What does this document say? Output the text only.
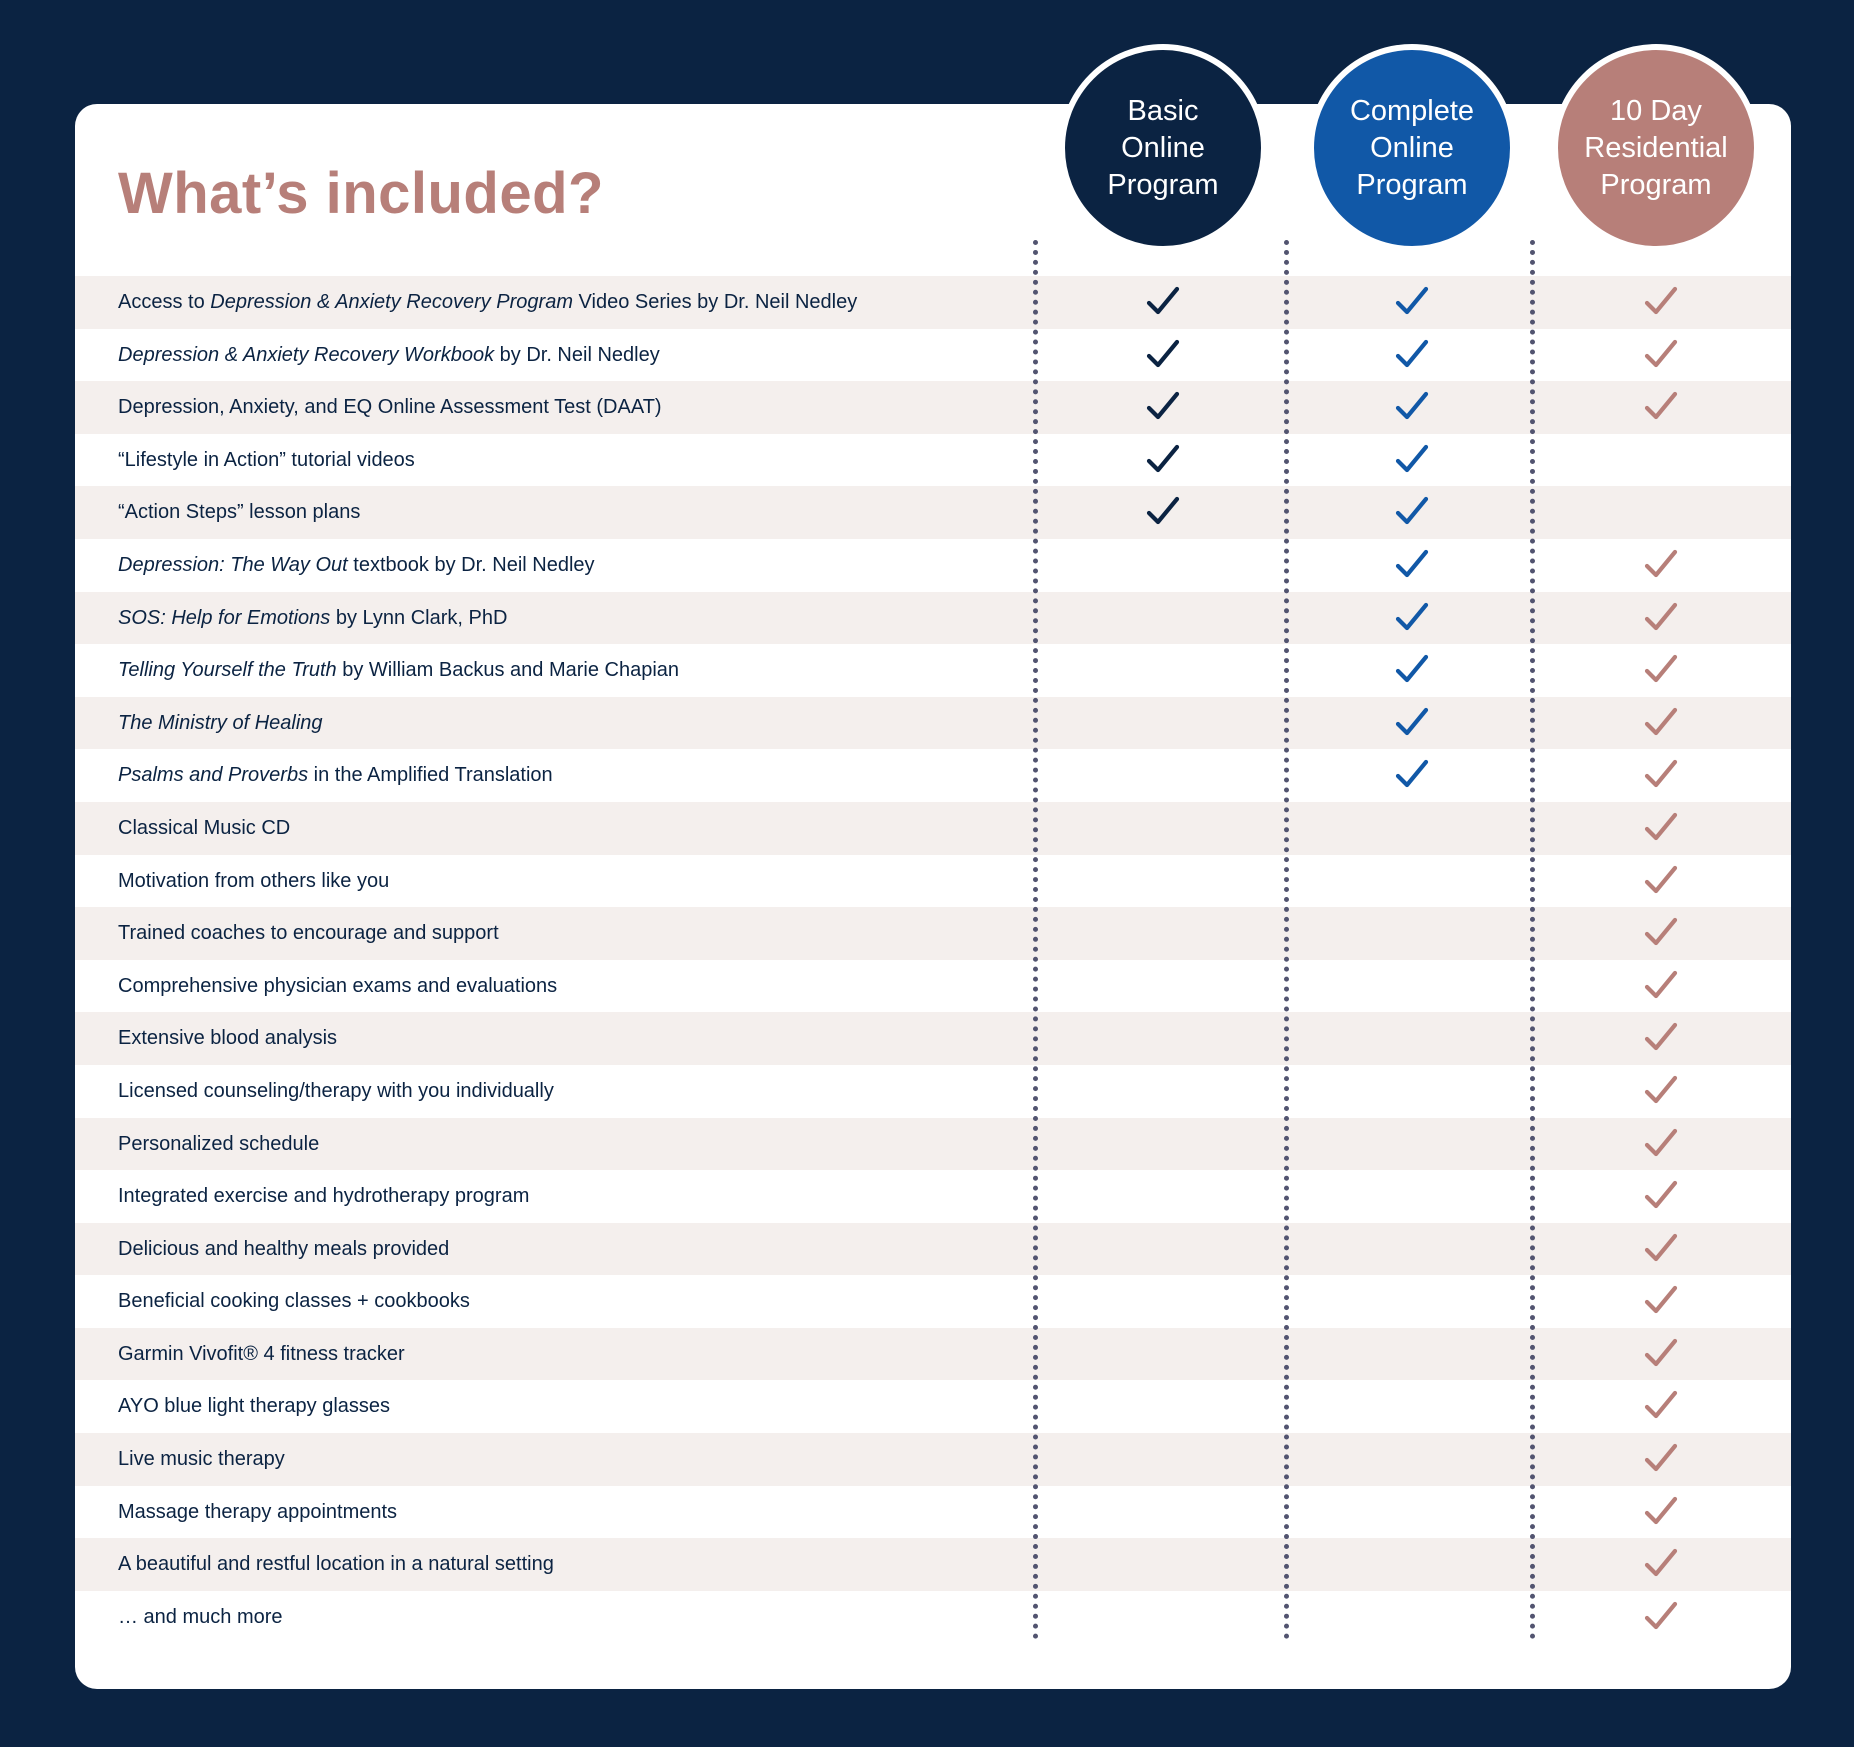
What’s included?
Basic
Online
Program
Complete
Online
Program
10 Day
Residential
Program
Access to Depression & Anxiety Recovery Program Video Series by Dr. Neil Nedley
Depression & Anxiety Recovery Workbook by Dr. Neil Nedley
Depression, Anxiety, and EQ Online Assessment Test (DAAT)
“Lifestyle in Action” tutorial videos
“Action Steps” lesson plans
Depression: The Way Out textbook by Dr. Neil Nedley
SOS: Help for Emotions by Lynn Clark, PhD
Telling Yourself the Truth by William Backus and Marie Chapian
The Ministry of Healing
Psalms and Proverbs in the Amplified Translation
Classical Music CD
Motivation from others like you
Trained coaches to encourage and support
Comprehensive physician exams and evaluations
Extensive blood analysis
Licensed counseling/therapy with you individually
Personalized schedule
Integrated exercise and hydrotherapy program
Delicious and healthy meals provided
Beneficial cooking classes + cookbooks
Garmin Vivofit® 4 fitness tracker
AYO blue light therapy glasses
Live music therapy
Massage therapy appointments
A beautiful and restful location in a natural setting
… and much more
